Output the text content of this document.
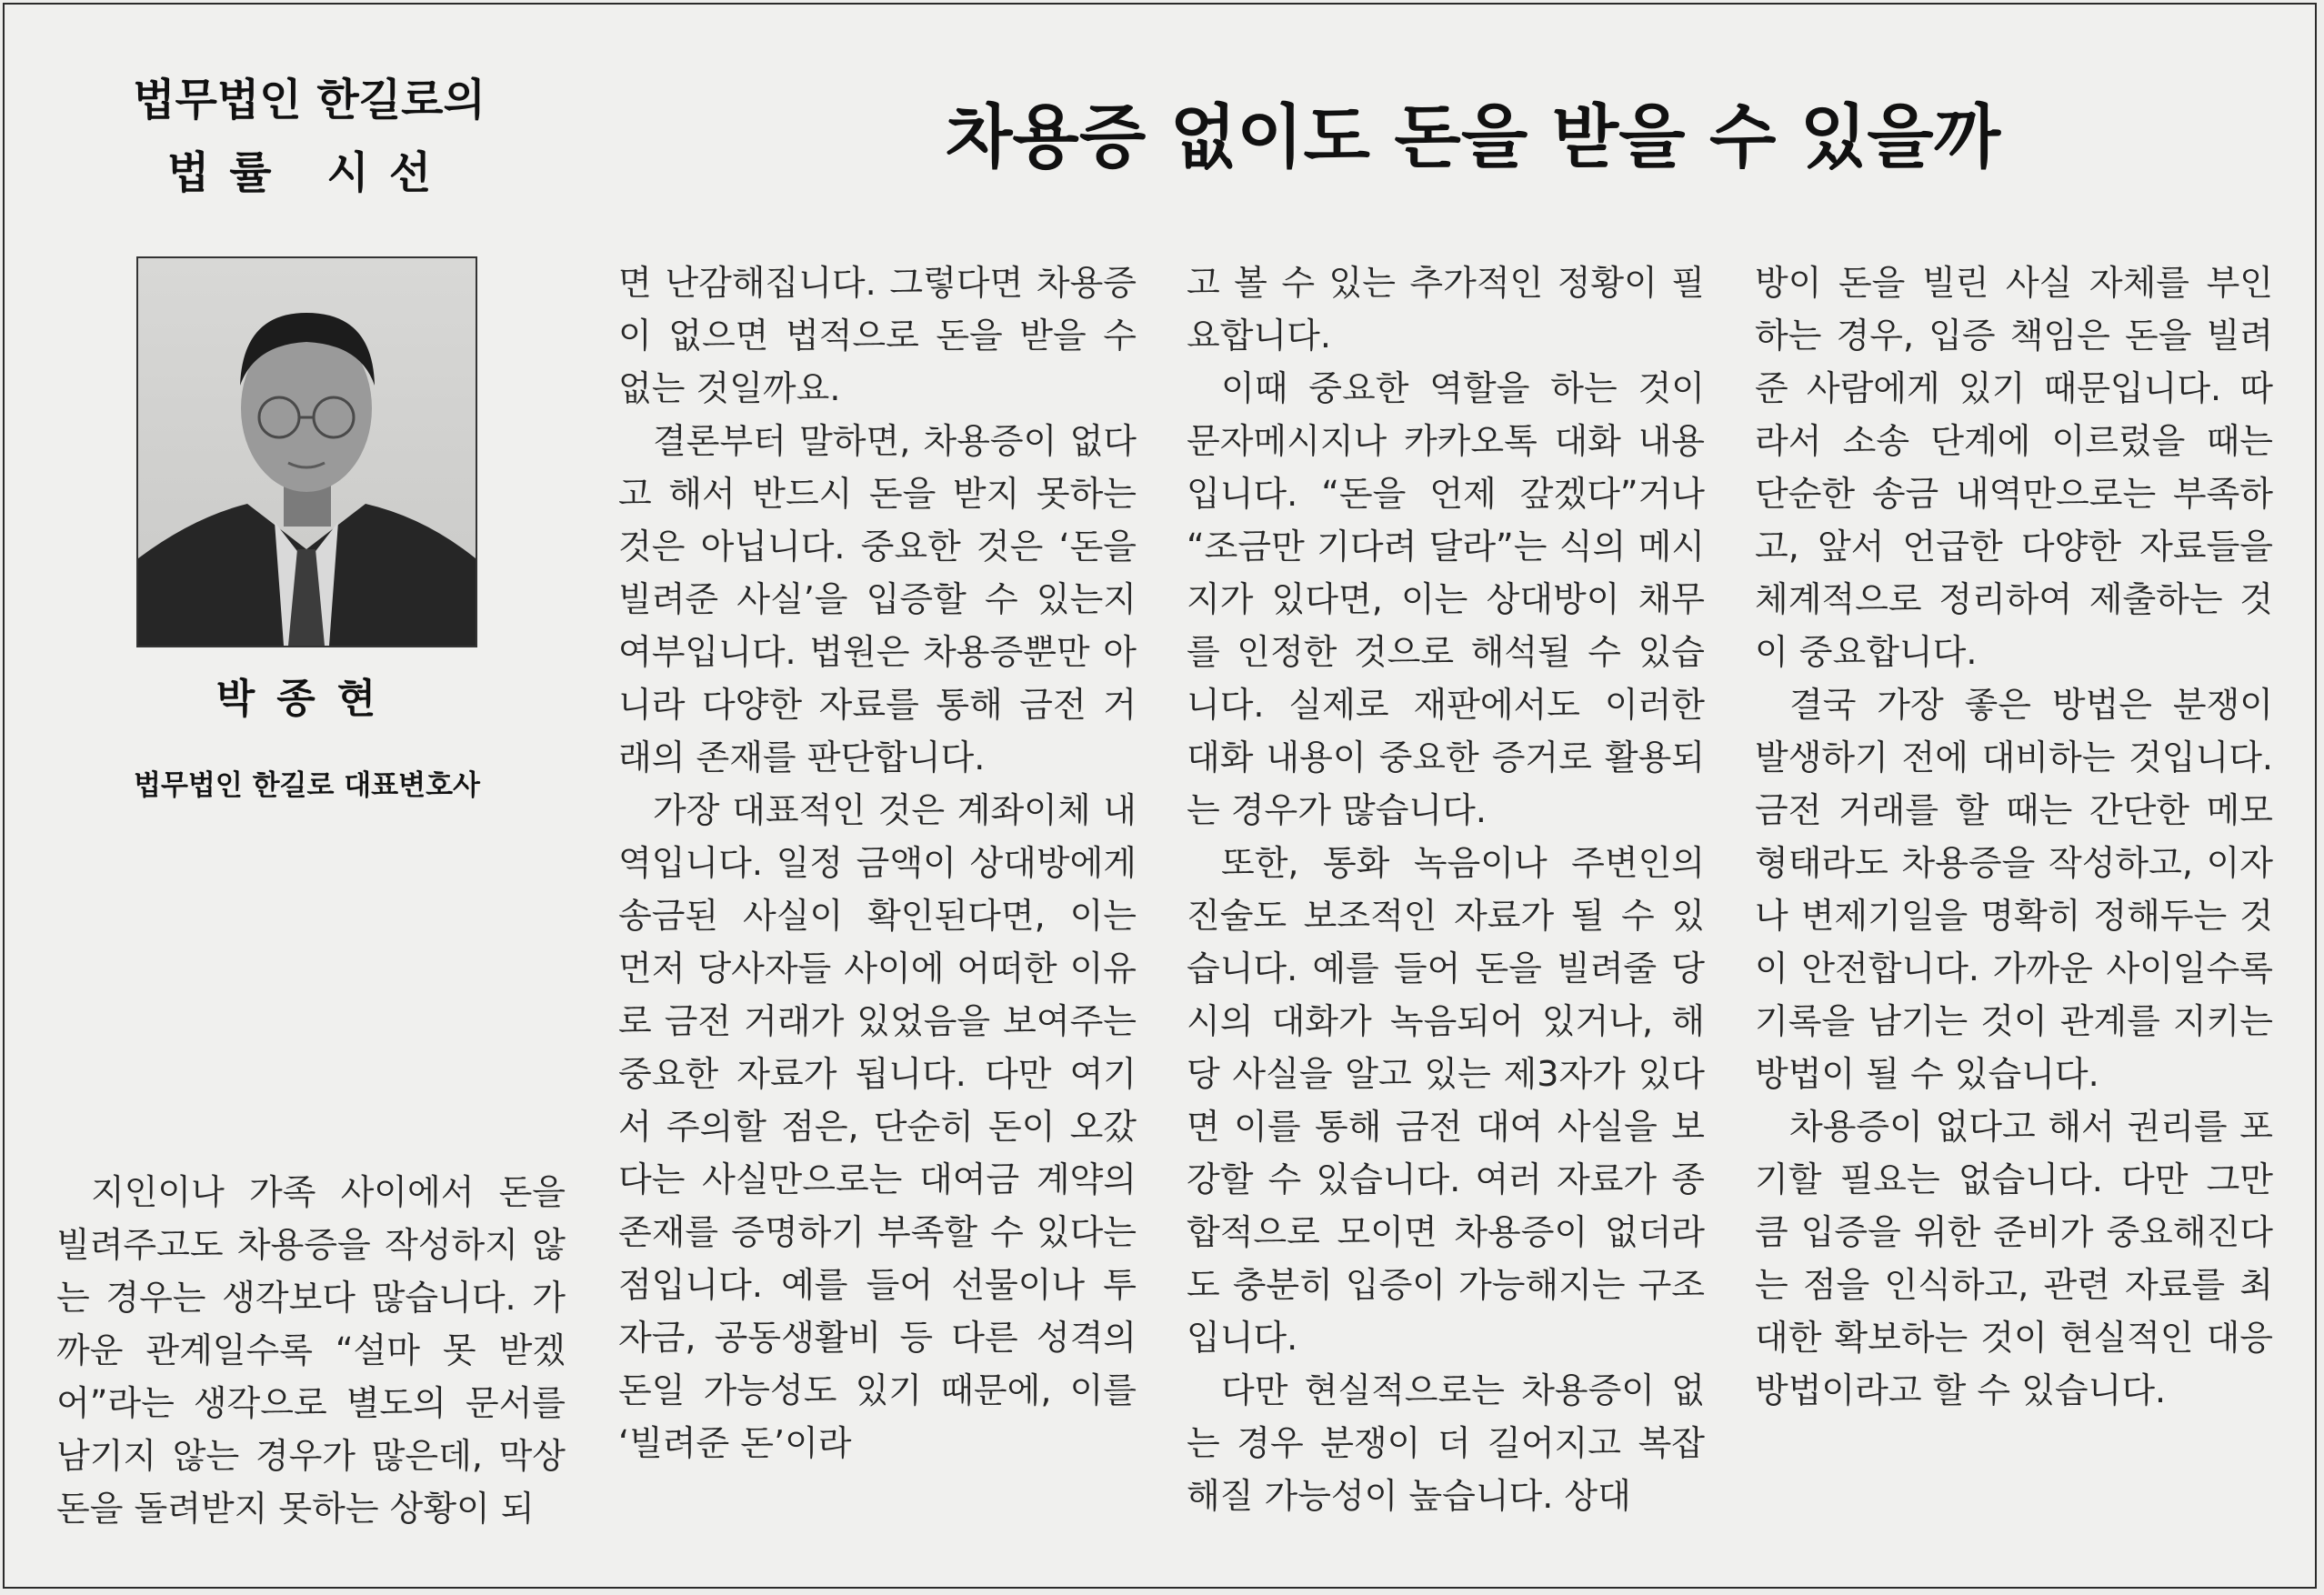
법무법인 한길로의
법률 시선	차용증 없이도 돈을 받을 수 있을까
박종현
법무법인 한길로 대표변호사

지인이나 가족 사이에서 돈을 빌려주고도 차용증을 작성하지 않는 경우는 생각보다 많습니다. 가까운 관계일수록 “설마 못 받겠어”라는 생각으로 별도의 문서를 남기지 않는 경우가 많은데, 막상 돈을 돌려받지 못하는 상황이 되

면 난감해집니다. 그렇다면 차용증이 없으면 법적으로 돈을 받을 수 없는 것일까요.

결론부터 말하면, 차용증이 없다고 해서 반드시 돈을 받지 못하는 것은 아닙니다. 중요한 것은 ‘돈을 빌려준 사실’을 입증할 수 있는지 여부입니다. 법원은 차용증뿐만 아니라 다양한 자료를 통해 금전 거래의 존재를 판단합니다.

가장 대표적인 것은 계좌이체 내역입니다. 일정 금액이 상대방에게 송금된 사실이 확인된다면, 이는 먼저 당사자들 사이에 어떠한 이유로 금전 거래가 있었음을 보여주는 중요한 자료가 됩니다. 다만 여기서 주의할 점은, 단순히 돈이 오갔다는 사실만으로는 대여금 계약의 존재를 증명하기 부족할 수 있다는 점입니다. 예를 들어 선물이나 투자금, 공동생활비 등 다른 성격의 돈일 가능성도 있기 때문에, 이를 ‘빌려준 돈’이라

고 볼 수 있는 추가적인 정황이 필요합니다.

이때 중요한 역할을 하는 것이 문자메시지나 카카오톡 대화 내용입니다. “돈을 언제 갚겠다”거나 “조금만 기다려 달라”는 식의 메시지가 있다면, 이는 상대방이 채무를 인정한 것으로 해석될 수 있습니다. 실제로 재판에서도 이러한 대화 내용이 중요한 증거로 활용되는 경우가 많습니다.

또한, 통화 녹음이나 주변인의 진술도 보조적인 자료가 될 수 있습니다. 예를 들어 돈을 빌려줄 당시의 대화가 녹음되어 있거나, 해당 사실을 알고 있는 제3자가 있다면 이를 통해 금전 대여 사실을 보강할 수 있습니다. 여러 자료가 종합적으로 모이면 차용증이 없더라도 충분히 입증이 가능해지는 구조입니다.

다만 현실적으로는 차용증이 없는 경우 분쟁이 더 길어지고 복잡해질 가능성이 높습니다. 상대

방이 돈을 빌린 사실 자체를 부인하는 경우, 입증 책임은 돈을 빌려준 사람에게 있기 때문입니다. 따라서 소송 단계에 이르렀을 때는 단순한 송금 내역만으로는 부족하고, 앞서 언급한 다양한 자료들을 체계적으로 정리하여 제출하는 것이 중요합니다.

결국 가장 좋은 방법은 분쟁이 발생하기 전에 대비하는 것입니다. 금전 거래를 할 때는 간단한 메모 형태라도 차용증을 작성하고, 이자나 변제기일을 명확히 정해두는 것이 안전합니다. 가까운 사이일수록 기록을 남기는 것이 관계를 지키는 방법이 될 수 있습니다.

차용증이 없다고 해서 권리를 포기할 필요는 없습니다. 다만 그만큼 입증을 위한 준비가 중요해진다는 점을 인식하고, 관련 자료를 최대한 확보하는 것이 현실적인 대응 방법이라고 할 수 있습니다.
